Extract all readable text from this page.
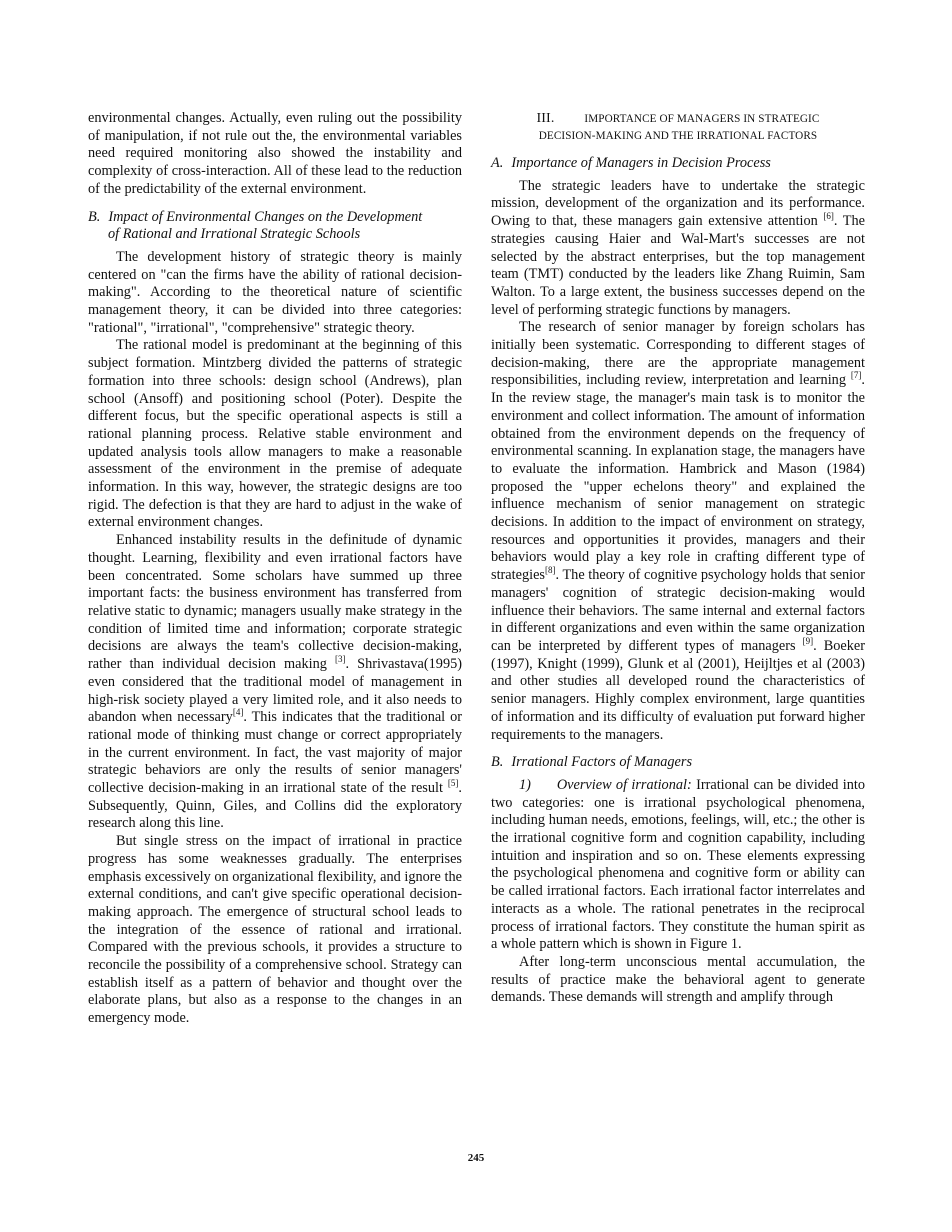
environmental changes. Actually, even ruling out the possibility of manipulation, if not rule out the, the environmental variables need required monitoring also showed the instability and complexity of cross-interaction. All of these lead to the reduction of the predictability of the external environment.

B. Impact of Environmental Changes on the Development
of Rational and Irrational Strategic Schools

The development history of strategic theory is mainly centered on "can the firms have the ability of rational decision-making". According to the theoretical nature of scientific management theory, it can be divided into three categories: "rational", "irrational", "comprehensive" strategic theory.

The rational model is predominant at the beginning of this subject formation. Mintzberg divided the patterns of strategic formation into three schools: design school (Andrews), plan school (Ansoff) and positioning school (Poter). Despite the different focus, but the specific operational aspects is still a rational planning process. Relative stable environment and updated analysis tools allow managers to make a reasonable assessment of the environment in the premise of adequate information. In this way, however, the strategic designs are too rigid. The defection is that they are hard to adjust in the wake of external environment changes.

Enhanced instability results in the definitude of dynamic thought. Learning, flexibility and even irrational factors have been concentrated. Some scholars have summed up three important facts: the business environment has transferred from relative static to dynamic; managers usually make strategy in the condition of limited time and information; corporate strategic decisions are always the team's collective decision-making, rather than individual decision making [3]. Shrivastava(1995) even considered that the traditional model of management in high-risk society played a very limited role, and it also needs to abandon when necessary[4]. This indicates that the traditional or rational mode of thinking must change or correct appropriately in the current environment. In fact, the vast majority of major strategic behaviors are only the results of senior managers' collective decision-making in an irrational state of the result [5]. Subsequently, Quinn, Giles, and Collins did the exploratory research along this line.

But single stress on the impact of irrational in practice progress has some weaknesses gradually. The enterprises emphasis excessively on organizational flexibility, and ignore the external conditions, and can't give specific operational decision-making approach. The emergence of structural school leads to the integration of the essence of rational and irrational. Compared with the previous schools, it provides a structure to reconcile the possibility of a comprehensive school. Strategy can establish itself as a pattern of behavior and thought over the elaborate plans, but also as a response to the changes in an emergency mode.

III.	IMPORTANCE OF MANAGERS IN STRATEGIC
DECISION-MAKING AND THE IRRATIONAL FACTORS
A. Importance of Managers in Decision Process

The strategic leaders have to undertake the strategic mission, development of the organization and its performance. Owing to that, these managers gain extensive attention [6]. The strategies causing Haier and Wal-Mart's successes are not selected by the abstract enterprises, but the top management team (TMT) conducted by the leaders like Zhang Ruimin, Sam Walton. To a large extent, the business successes depend on the level of performing strategic functions by managers.

The research of senior manager by foreign scholars has initially been systematic. Corresponding to different stages of decision-making, there are the appropriate management responsibilities, including review, interpretation and learning [7]. In the review stage, the manager's main task is to monitor the environment and collect information. The amount of information obtained from the environment depends on the frequency of environmental scanning. In explanation stage, the managers have to evaluate the information. Hambrick and Mason (1984) proposed the "upper echelons theory" and explained the influence mechanism of senior management on strategic decisions. In addition to the impact of environment on strategy, resources and opportunities it provides, managers and their behaviors would play a key role in crafting different type of strategies[8]. The theory of cognitive psychology holds that senior managers' cognition of strategic decision-making would influence their behaviors. The same internal and external factors in different organizations and even within the same organization can be interpreted by different types of managers [9]. Boeker (1997), Knight (1999), Glunk et al (2001), Heijltjes et al (2003) and other studies all developed round the characteristics of senior managers. Highly complex environment, large quantities of information and its difficulty of evaluation put forward higher requirements to the managers.

B. Irrational Factors of Managers

1)      Overview of irrational: Irrational can be divided into two categories: one is irrational psychological phenomena, including human needs, emotions, feelings, will, etc.; the other is the irrational cognitive form and cognition capability, including intuition and inspiration and so on. These elements expressing the psychological phenomena and cognitive form or ability can be called irrational factors. Each irrational factor interrelates and interacts as a whole. The rational penetrates in the reciprocal process of irrational factors. They constitute the human spirit as a whole pattern which is shown in Figure 1.

After long-term unconscious mental accumulation, the results of practice make the behavioral agent to generate demands. These demands will strength and amplify through

245
